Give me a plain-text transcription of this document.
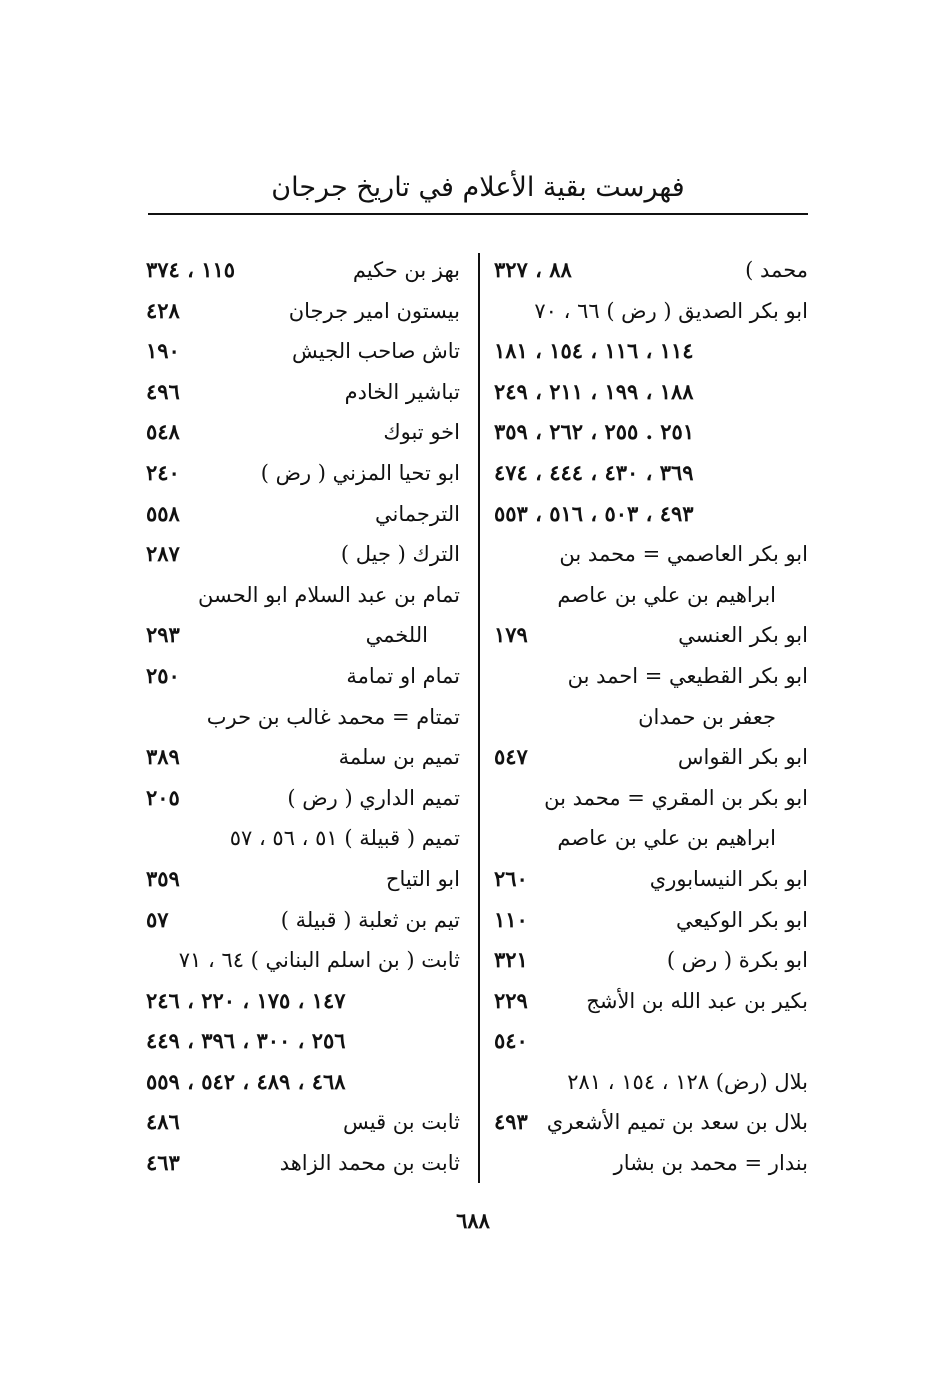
فهرست بقية الأعلام في تاريخ جرجان
محمد )
٨٨ ، ٣٢٧
ابو بكر الصديق ( رض ) ٦٦ ، ٧٠
١١٤ ، ١١٦ ، ١٥٤ ، ١٨١
١٨٨ ، ١٩٩ ، ٢١١ ، ٢٤٩
٢٥١ . ٢٥٥ ، ٢٦٢ ، ٣٥٩
٣٦٩ ، ٤٣٠ ، ٤٤٤ ، ٤٧٤
٤٩٣ ، ٥٠٣ ، ٥١٦ ، ٥٥٣
ابو بكر العاصمي = محمد بن
ابراهيم بن علي بن عاصم
ابو بكر العنسي
١٧٩
ابو بكر القطيعي = احمد بن
جعفر بن حمدان
ابو بكر القواس
٥٤٧
ابو بكر بن المقري = محمد بن
ابراهيم بن علي بن عاصم
ابو بكر النيسابوري
٢٦٠
ابو بكر الوكيعي
١١٠
ابو بكرة ( رض )
٣٢١
بكير بن عبد الله بن الأشج
٢٢٩
٥٤٠
بلال (رض) ١٢٨ ، ١٥٤ ، ٢٨١
بلال بن سعد بن تميم الأشعري
٤٩٣
بندار = محمد بن بشار
بهز بن حكيم
١١٥ ، ٣٧٤
بيستون امير جرجان
٤٢٨
تاش صاحب الجيش
١٩٠
تباشير الخادم
٤٩٦
اخو تبوك
٥٤٨
ابو تحيا المزني ( رض )
٢٤٠
الترجماني
٥٥٨
الترك ( جيل )
٢٨٧
تمام بن عبد السلام ابو الحسن
اللخمي
٢٩٣
تمام او تمامة
٢٥٠
تمتام = محمد غالب بن حرب
تميم بن سلمة
٣٨٩
تميم الداري ( رض )
٢٠٥
تميم ( قبيلة ) ٥١ ، ٥٦ ، ٥٧
ابو التياح
٣٥٩
تيم بن ثعلبة ( قبيلة )
٥٧
ثابت ( بن اسلم البناني ) ٦٤ ، ٧١
١٤٧ ، ١٧٥ ، ٢٢٠ ، ٢٤٦
٢٥٦ ، ٣٠٠ ، ٣٩٦ ، ٤٤٩
٤٦٨ ، ٤٨٩ ، ٥٤٢ ، ٥٥٩
ثابت بن قيس
٤٨٦
ثابت بن محمد الزاهد
٤٦٣
٦٨٨
